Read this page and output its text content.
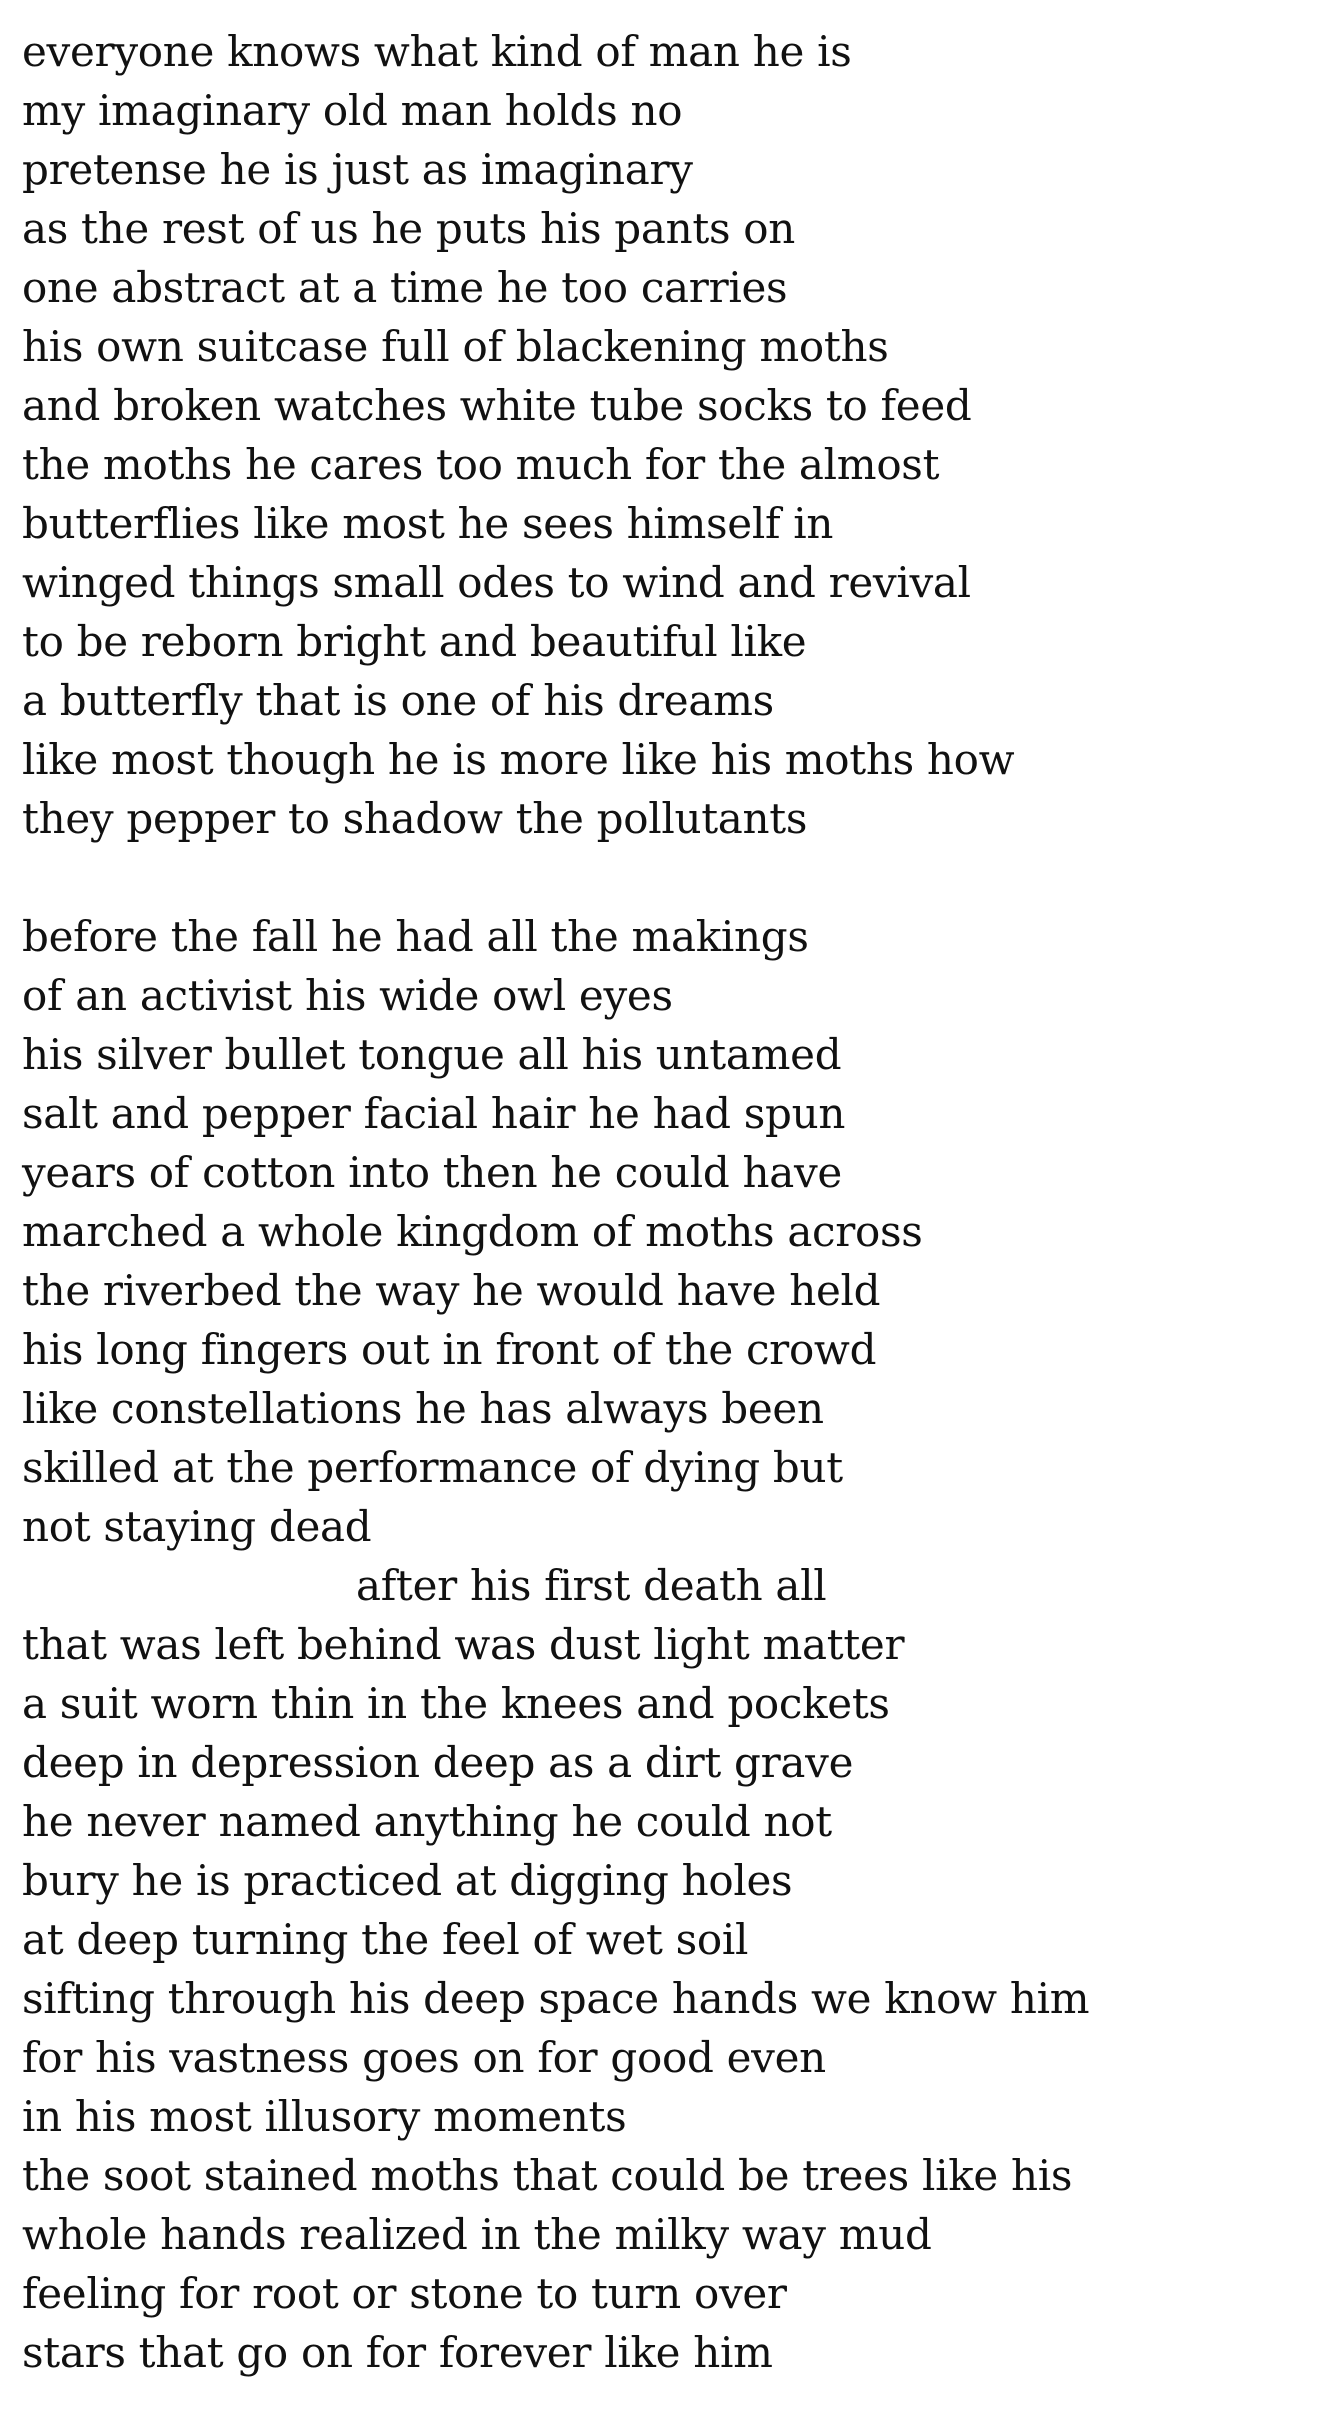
everyone knows what kind of man he is
my imaginary old man holds no
pretense he is just as imaginary
as the rest of us he puts his pants on
one abstract at a time he too carries
his own suitcase full of blackening moths
and broken watches white tube socks to feed
the moths he cares too much for the almost
butterflies like most he sees himself in
winged things small odes to wind and revival
to be reborn bright and beautiful like
a butterfly that is one of his dreams
like most though he is more like his moths how
they pepper to shadow the pollutants
before the fall he had all the makings
of an activist his wide owl eyes
his silver bullet tongue all his untamed
salt and pepper facial hair he had spun
years of cotton into then he could have
marched a whole kingdom of moths across
the riverbed the way he would have held
his long fingers out in front of the crowd
like constellations he has always been
skilled at the performance of dying but
not staying dead
after his first death all
that was left behind was dust light matter
a suit worn thin in the knees and pockets
deep in depression deep as a dirt grave
he never named anything he could not
bury he is practiced at digging holes
at deep turning the feel of wet soil
sifting through his deep space hands we know him
for his vastness goes on for good even
in his most illusory moments
the soot stained moths that could be trees like his
whole hands realized in the milky way mud
feeling for root or stone to turn over
stars that go on for forever like him
